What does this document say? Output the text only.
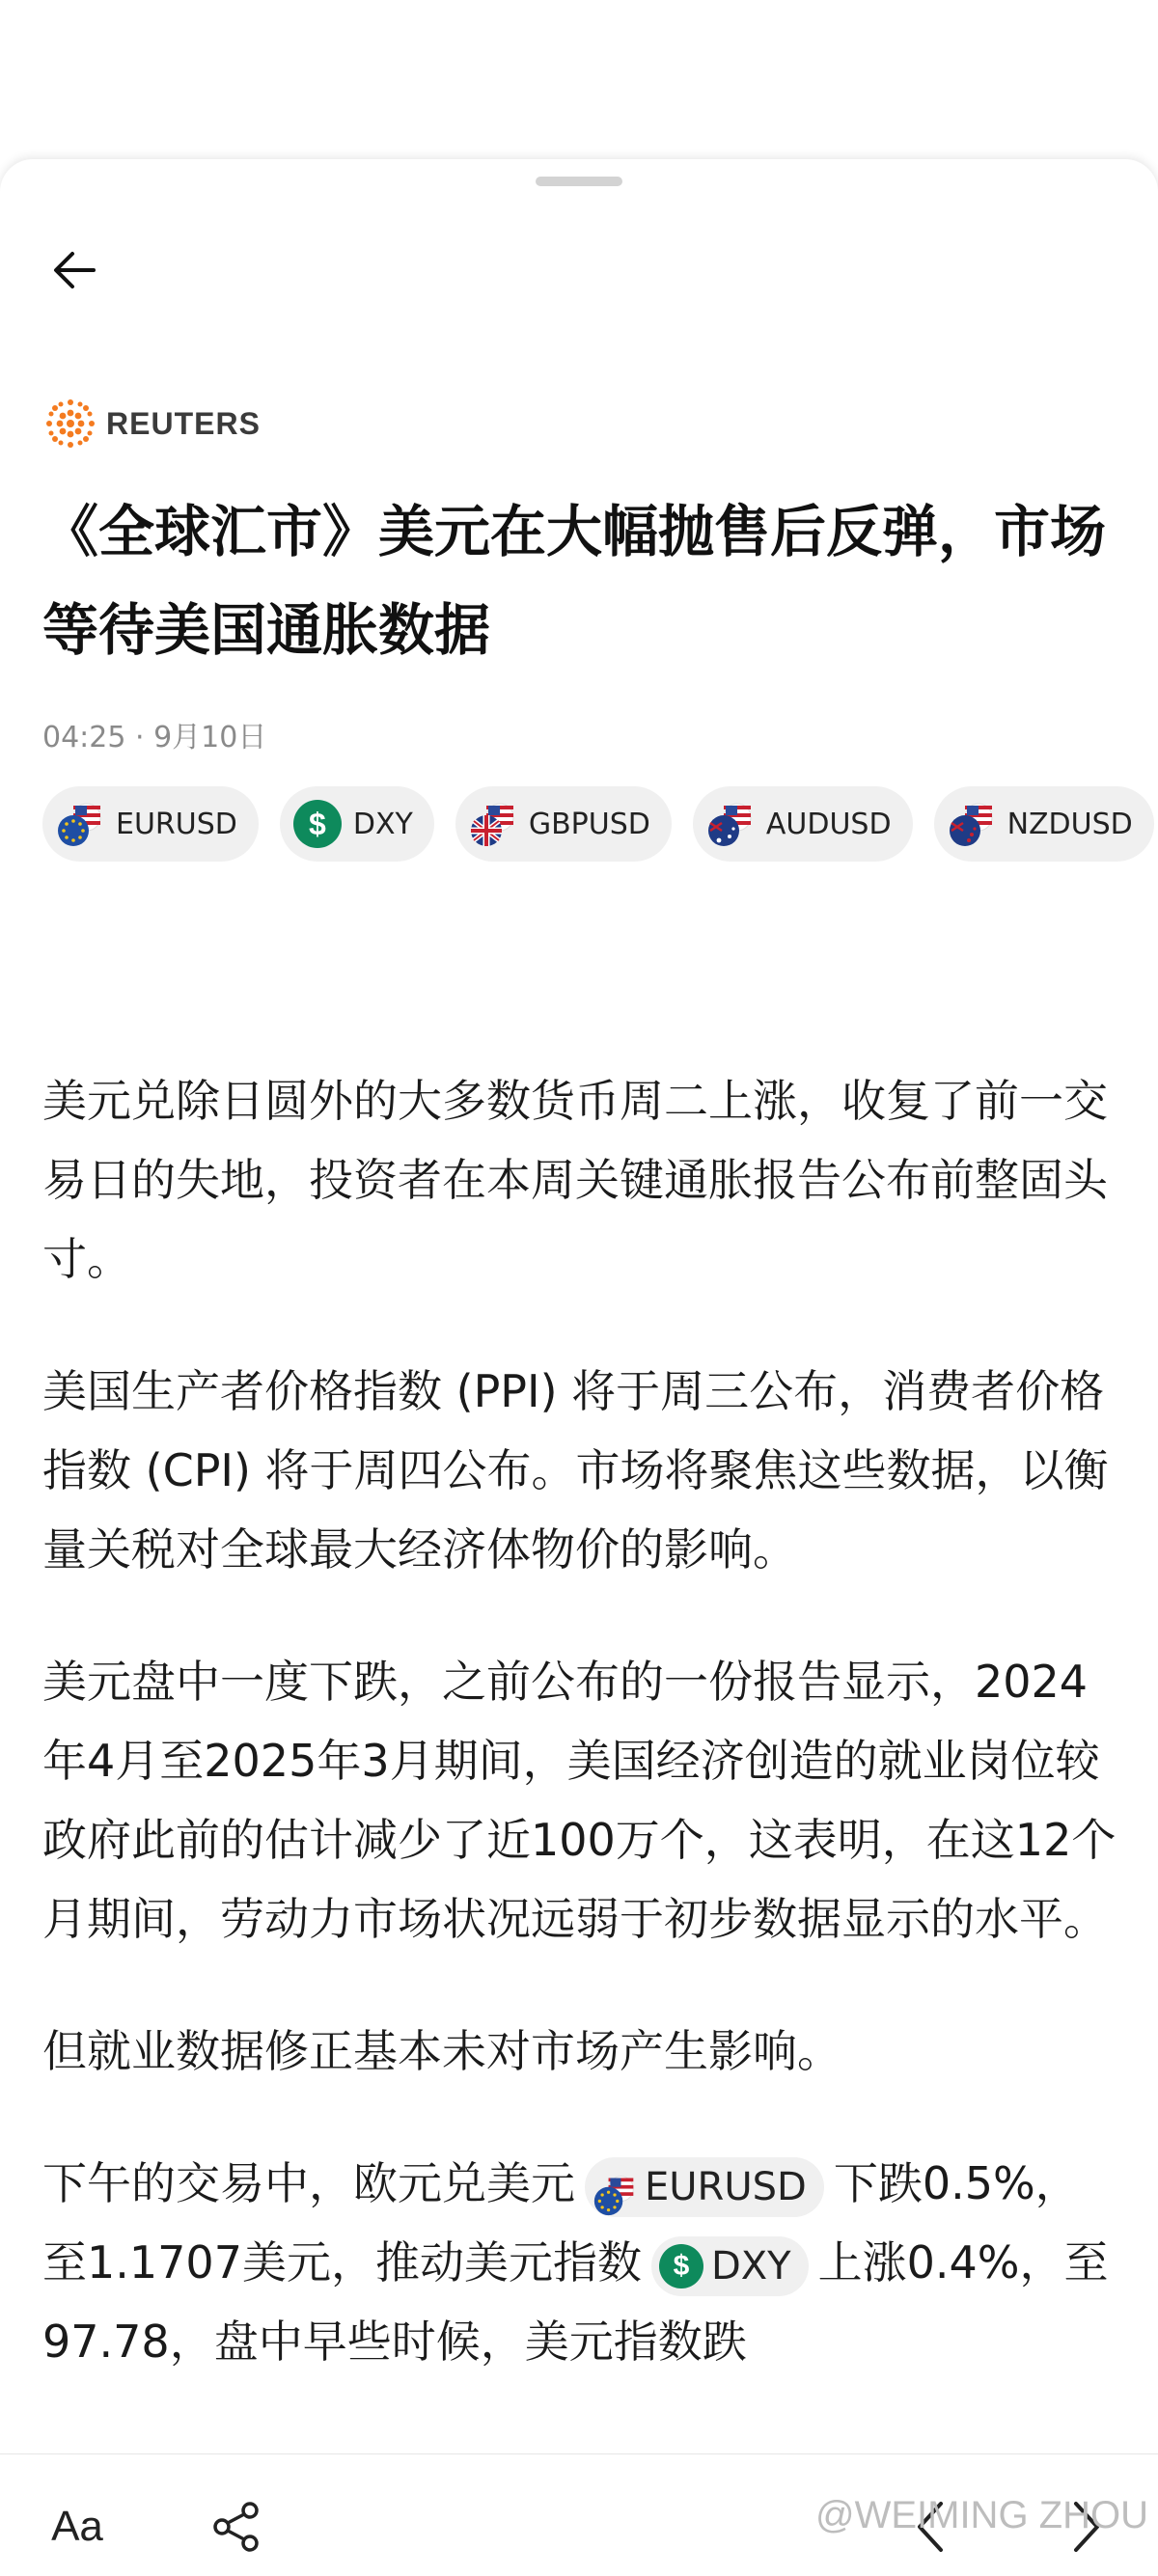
REUTERS
《全球汇市》美元在大幅抛售后反弹，市场等待美国通胀数据
04:25 · 9月10日
EURUSD	$ DXY	GBPUSD	AUDUSD	NZDUSD

美元兑除日圆外的大多数货币周二上涨，收复了前一交易日的失地，投资者在本周关键通胀报告公布前整固头寸。

美国生产者价格指数 (PPI) 将于周三公布，消费者价格指数 (CPI) 将于周四公布。市场将聚焦这些数据，以衡量关税对全球最大经济体物价的影响。

美元盘中一度下跌，之前公布的一份报告显示，2024年4月至2025年3月期间，美国经济创造的就业岗位较政府此前的估计减少了近100万个，这表明，在这12个月期间，劳动力市场状况远弱于初步数据显示的水平。

但就业数据修正基本未对市场产生影响。

下午的交易中，欧元兑美元 EURUSD 下跌0.5%，至1.1707美元，推动美元指数	$ DXY 上涨0.4%，至 97.78，盘中早些时候，美元指数跌

Aa	@WEIMING ZHOU
